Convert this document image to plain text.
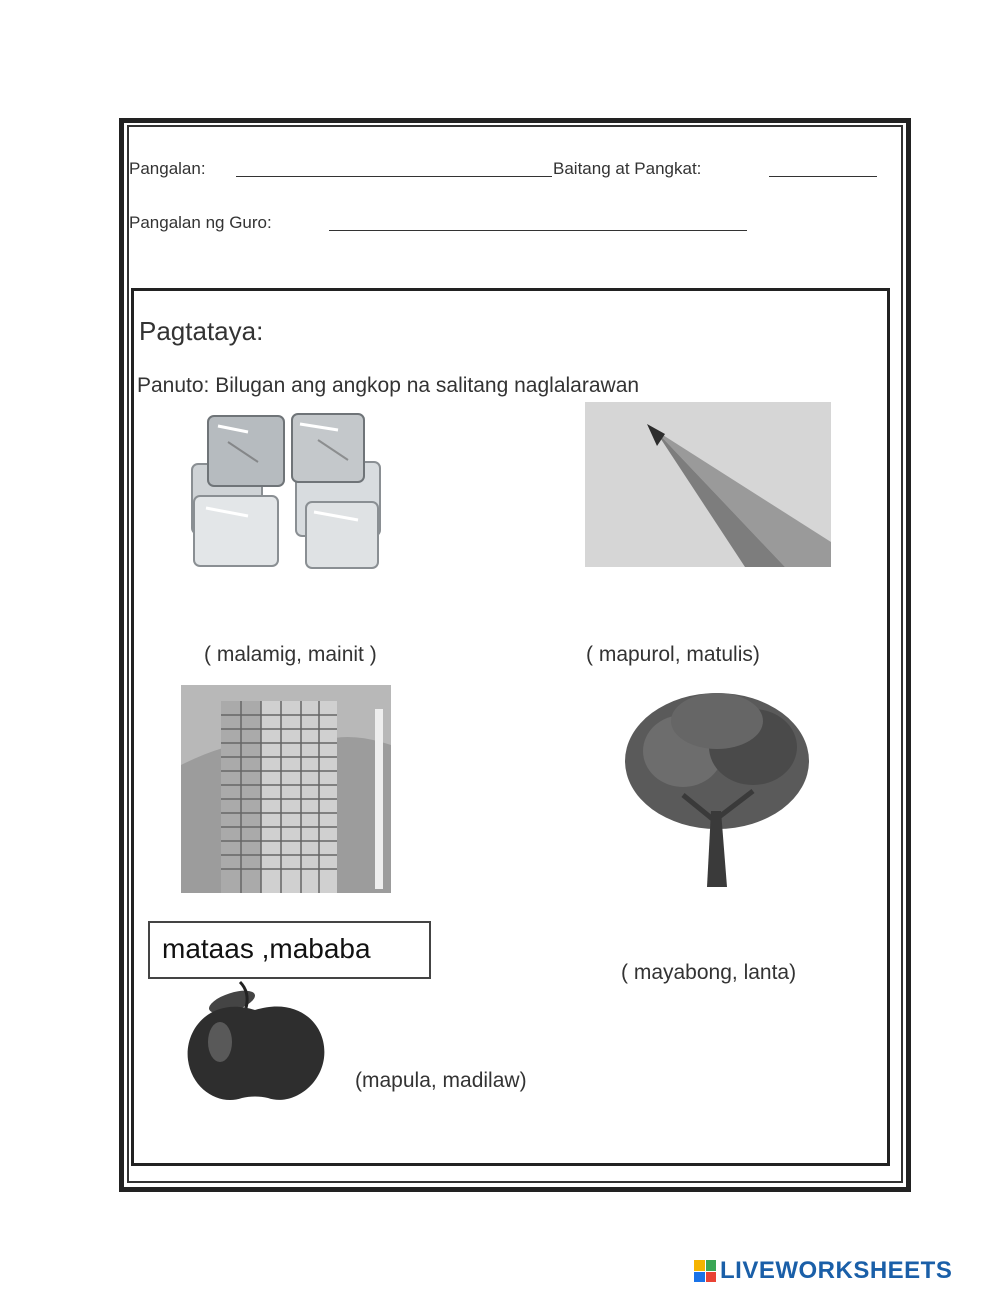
Pangalan:	Baitang at Pangkat:
Pangalan ng Guro:
Pagtataya:
Panuto: Bilugan ang angkop na salitang naglalarawan
( malamig, mainit )	( mapurol, matulis)
( mayabong, lanta)
(mapula, madilaw)
mataas ,mababa
LIVEWORKSHEETS
